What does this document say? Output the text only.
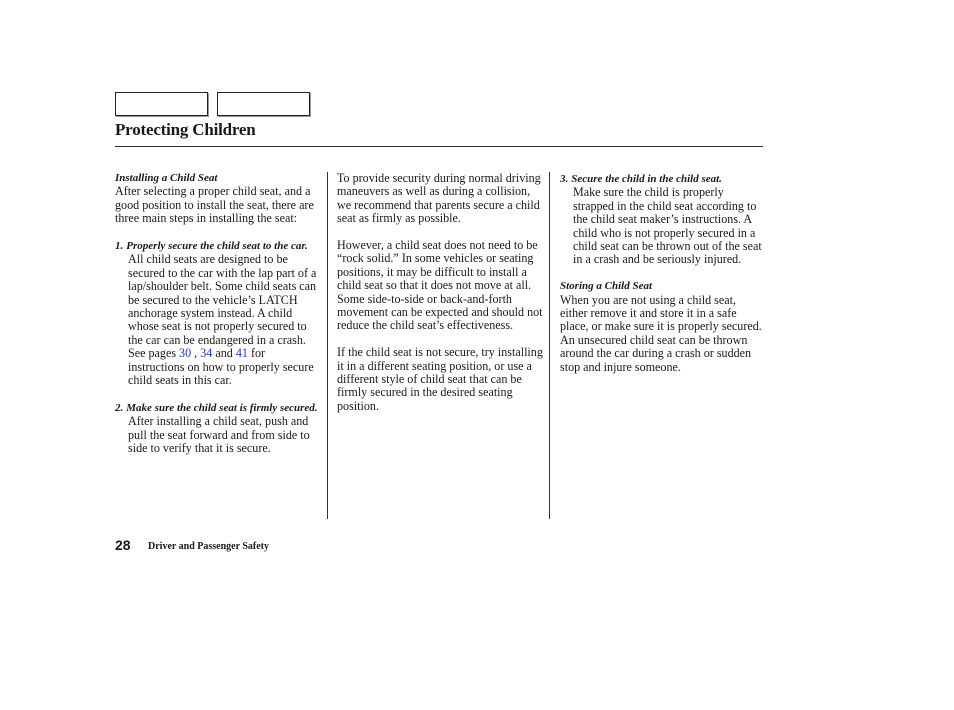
Protecting Children
Installing a Child Seat

After selecting a proper child seat, and a good position to install the seat, there are three main steps in installing the seat:

1. Properly secure the child seat to the car. All child seats are designed to be secured to the car with the lap part of a lap/shoulder belt. Some child seats can be secured to the vehicle’s LATCH anchorage system instead. A child whose seat is not properly secured to the car can be endangered in a crash. See pages 30 , 34 and 41 for instructions on how to properly secure child seats in this car.
2. Make sure the child seat is firmly secured. After installing a child seat, push and pull the seat forward and from side to side to verify that it is secure.

To provide security during normal driving maneuvers as well as during a collision, we recommend that parents secure a child seat as firmly as possible.

However, a child seat does not need to be “rock solid.” In some vehicles or seating positions, it may be difficult to install a child seat so that it does not move at all. Some side-to-side or back-and-forth movement can be expected and should not reduce the child seat’s effectiveness.

If the child seat is not secure, try installing it in a different seating position, or use a different style of child seat that can be firmly secured in the desired seating position.

3. Secure the child in the child seat.
Make sure the child is properly strapped in the child seat according to the child seat maker’s instructions. A child who is not properly secured in a child seat can be thrown out of the seat in a crash and be seriously injured.
Storing a Child Seat

When you are not using a child seat, either remove it and store it in a safe place, or make sure it is properly secured. An unsecured child seat can be thrown around the car during a crash or sudden stop and injure someone.

28 Driver and Passenger Safety
